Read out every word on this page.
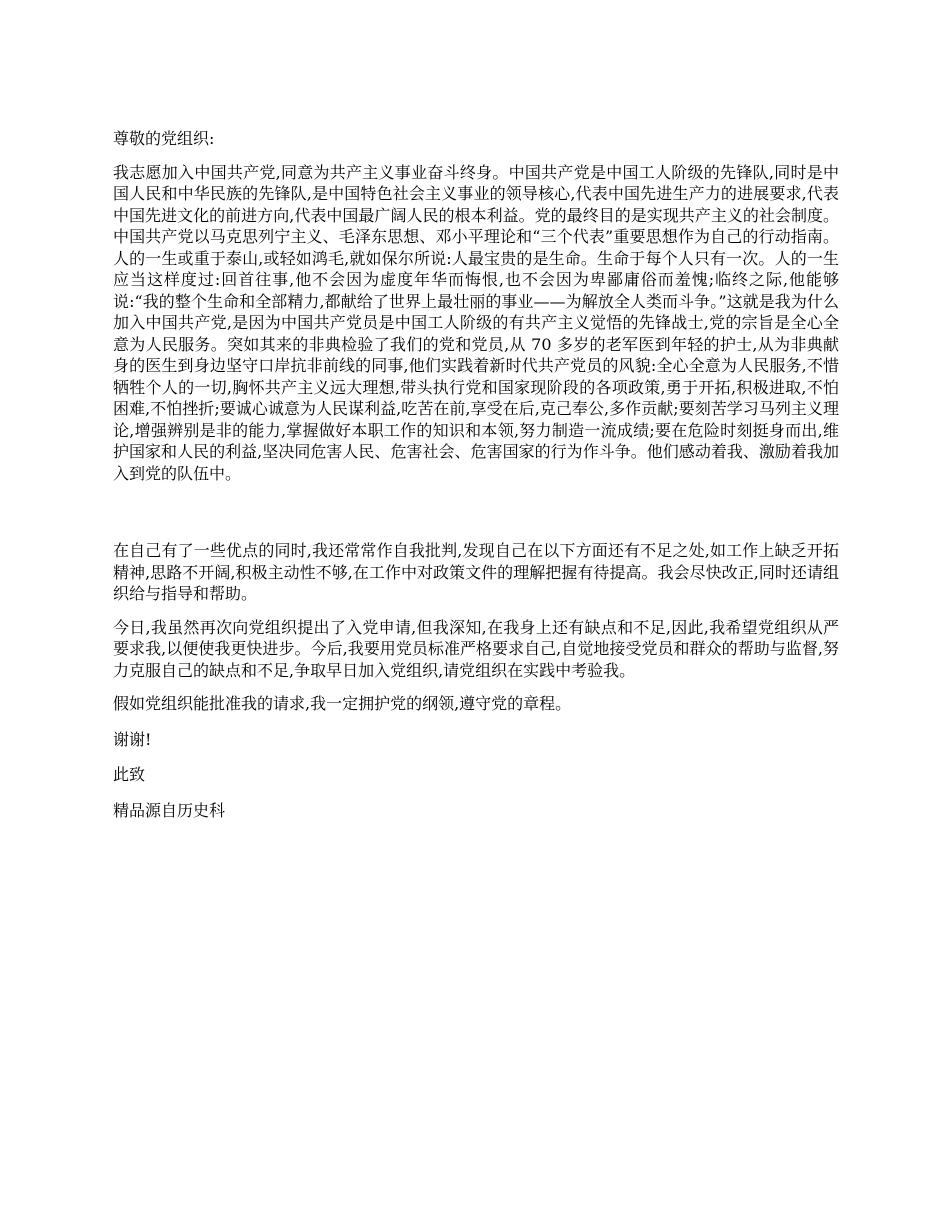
尊敬的党组织:

我志愿加入中国共产党,同意为共产主义事业奋斗终身。中国共产党是中国工人阶级的先锋队,同时是中国人民和中华民族的先锋队,是中国特色社会主义事业的领导核心,代表中国先进生产力的进展要求,代表中国先进文化的前进方向,代表中国最广阔人民的根本利益。党的最终目的是实现共产主义的社会制度。中国共产党以马克思列宁主义、毛泽东思想、邓小平理论和“三个代表”重要思想作为自己的行动指南。 人的一生或重于泰山,或轻如鸿毛,就如保尔所说:人最宝贵的是生命。生命于每个人只有一次。人的一生应当这样度过:回首往事,他不会因为虚度年华而悔恨,也不会因为卑鄙庸俗而羞愧;临终之际,他能够说:“我的整个生命和全部精力,都献给了世界上最壮丽的事业——为解放全人类而斗争。”这就是我为什么加入中国共产党,是因为中国共产党员是中国工人阶级的有共产主义觉悟的先锋战士,党的宗旨是全心全意为人民服务。突如其来的非典检验了我们的党和党员,从 70 多岁的老军医到年轻的护士,从为非典献身的医生到身边坚守口岸抗非前线的同事,他们实践着新时代共产党员的风貌:全心全意为人民服务,不惜牺牲个人的一切,胸怀共产主义远大理想,带头执行党和国家现阶段的各项政策,勇于开拓,积极进取,不怕困难,不怕挫折;要诚心诚意为人民谋利益,吃苦在前,享受在后,克己奉公,多作贡献;要刻苦学习马列主义理论,增强辨别是非的能力,掌握做好本职工作的知识和本领,努力制造一流成绩;要在危险时刻挺身而出,维护国家和人民的利益,坚决同危害人民、危害社会、危害国家的行为作斗争。他们感动着我、激励着我加入到党的队伍中。

在自己有了一些优点的同时,我还常常作自我批判,发现自己在以下方面还有不足之处,如工作上缺乏开拓精神,思路不开阔,积极主动性不够,在工作中对政策文件的理解把握有待提高。我会尽快改正,同时还请组织给与指导和帮助。

今日,我虽然再次向党组织提出了入党申请,但我深知,在我身上还有缺点和不足,因此,我希望党组织从严要求我,以便使我更快进步。今后,我要用党员标准严格要求自己,自觉地接受党员和群众的帮助与监督,努力克服自己的缺点和不足,争取早日加入党组织,请党组织在实践中考验我。

假如党组织能批准我的请求,我一定拥护党的纲领,遵守党的章程。

谢谢!

此致

精品源自历史科
